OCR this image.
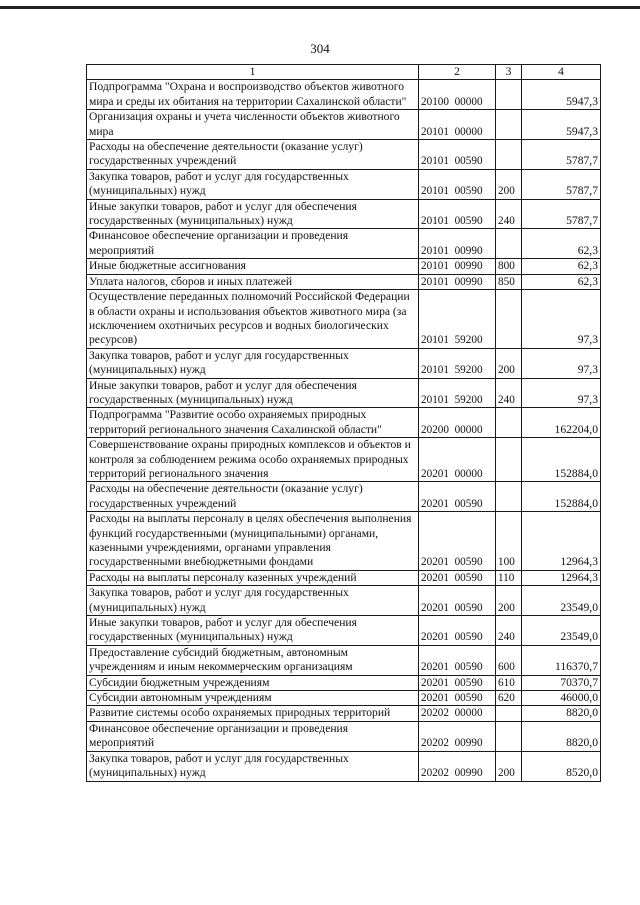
304
1	2	3	4
Подпрограмма "Охрана и воспроизводство объектов животного мира и среды их обитания на территории Сахалинской области"	20100  00000		5947,3
Организация охраны и учета численности объектов животного мира	20101  00000		5947,3
Расходы на обеспечение деятельности (оказание услуг) государственных учреждений	20101  00590		5787,7
Закупка товаров, работ и услуг для государственных (муниципальных) нужд	20101  00590	200	5787,7
Иные закупки товаров, работ и услуг для обеспечения государственных (муниципальных) нужд	20101  00590	240	5787,7
Финансовое обеспечение организации и проведения мероприятий	20101  00990		62,3
Иные бюджетные ассигнования	20101  00990	800	62,3
Уплата налогов, сборов и иных платежей	20101  00990	850	62,3
Осуществление переданных полномочий Российской Федерации в области охраны и использования объектов животного мира (за исключением охотничьих ресурсов и водных биологических ресурсов)	20101  59200		97,3
Закупка товаров, работ и услуг для государственных (муниципальных) нужд	20101  59200	200	97,3
Иные закупки товаров, работ и услуг для обеспечения государственных (муниципальных) нужд	20101  59200	240	97,3
Подпрограмма "Развитие особо охраняемых природных территорий регионального значения Сахалинской области"	20200  00000		162204,0
Совершенствование охраны природных комплексов и объектов и контроля за соблюдением режима особо охраняемых природных территорий регионального значения	20201  00000		152884,0
Расходы на обеспечение деятельности (оказание услуг) государственных учреждений	20201  00590		152884,0
Расходы на выплаты персоналу в целях обеспечения выполнения функций государственными (муниципальными) органами, казенными учреждениями, органами управления государственными внебюджетными фондами	20201  00590	100	12964,3
Расходы на выплаты персоналу казенных учреждений	20201  00590	110	12964,3
Закупка товаров, работ и услуг для государственных (муниципальных) нужд	20201  00590	200	23549,0
Иные закупки товаров, работ и услуг для обеспечения государственных (муниципальных) нужд	20201  00590	240	23549,0
Предоставление субсидий бюджетным, автономным учреждениям и иным некоммерческим организациям	20201  00590	600	116370,7
Субсидии бюджетным учреждениям	20201  00590	610	70370,7
Субсидии автономным учреждениям	20201  00590	620	46000,0
Развитие системы особо охраняемых природных территорий	20202  00000		8820,0
Финансовое обеспечение организации и проведения мероприятий	20202  00990		8820,0
Закупка товаров, работ и услуг для государственных (муниципальных) нужд	20202  00990	200	8520,0
